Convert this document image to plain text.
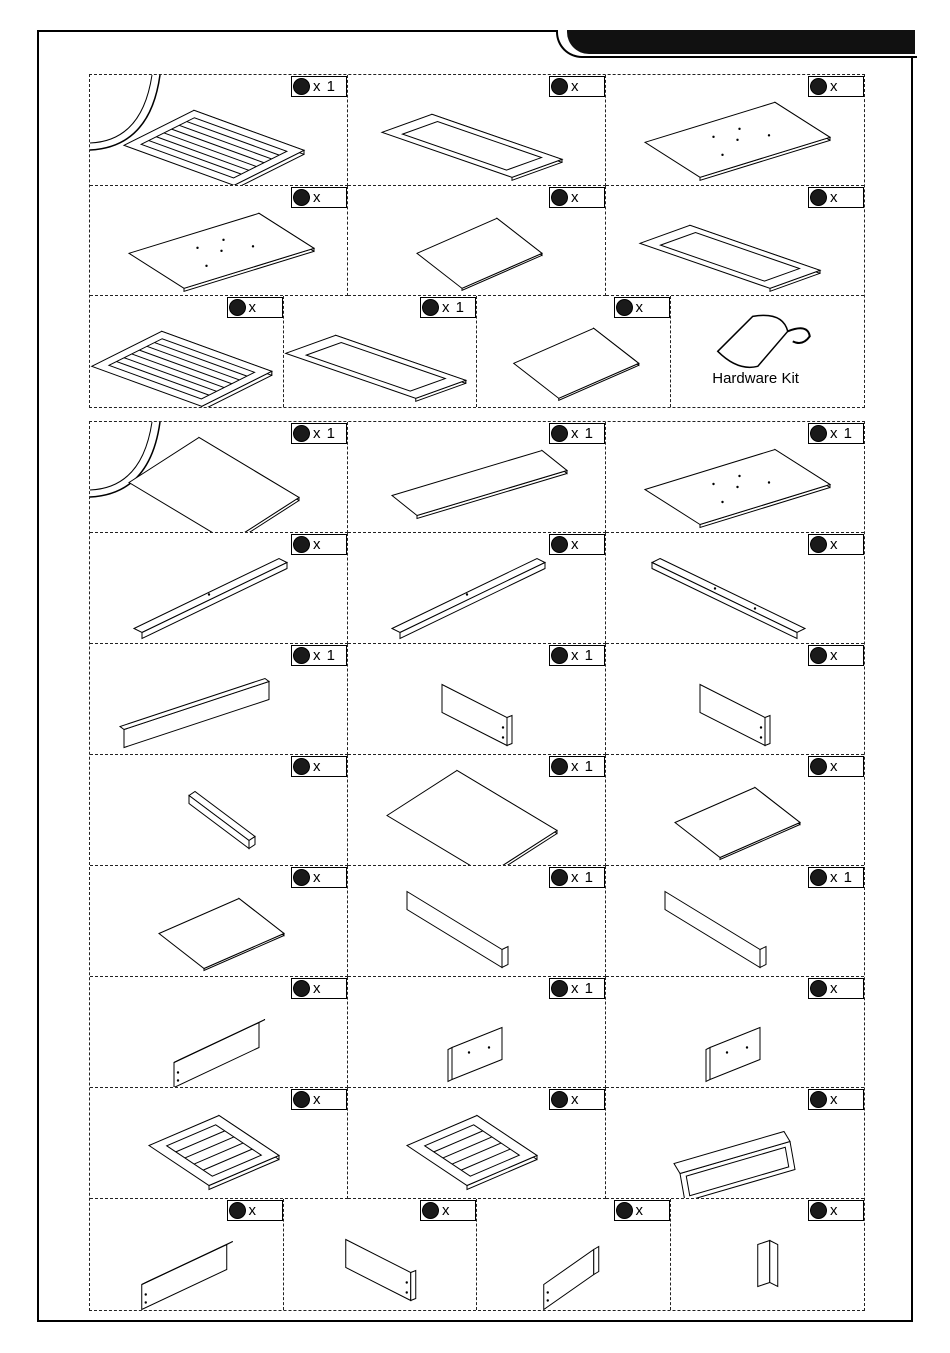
x 1	x	x
x	x	x
x	x 1	x
Hardware Kit
x 1	x 1	x 1
x	x	x
x 1	x 1	x
x	x 1	x
x	x 1	x 1
x	x 1	x
x	x	x
x	x	x	x
